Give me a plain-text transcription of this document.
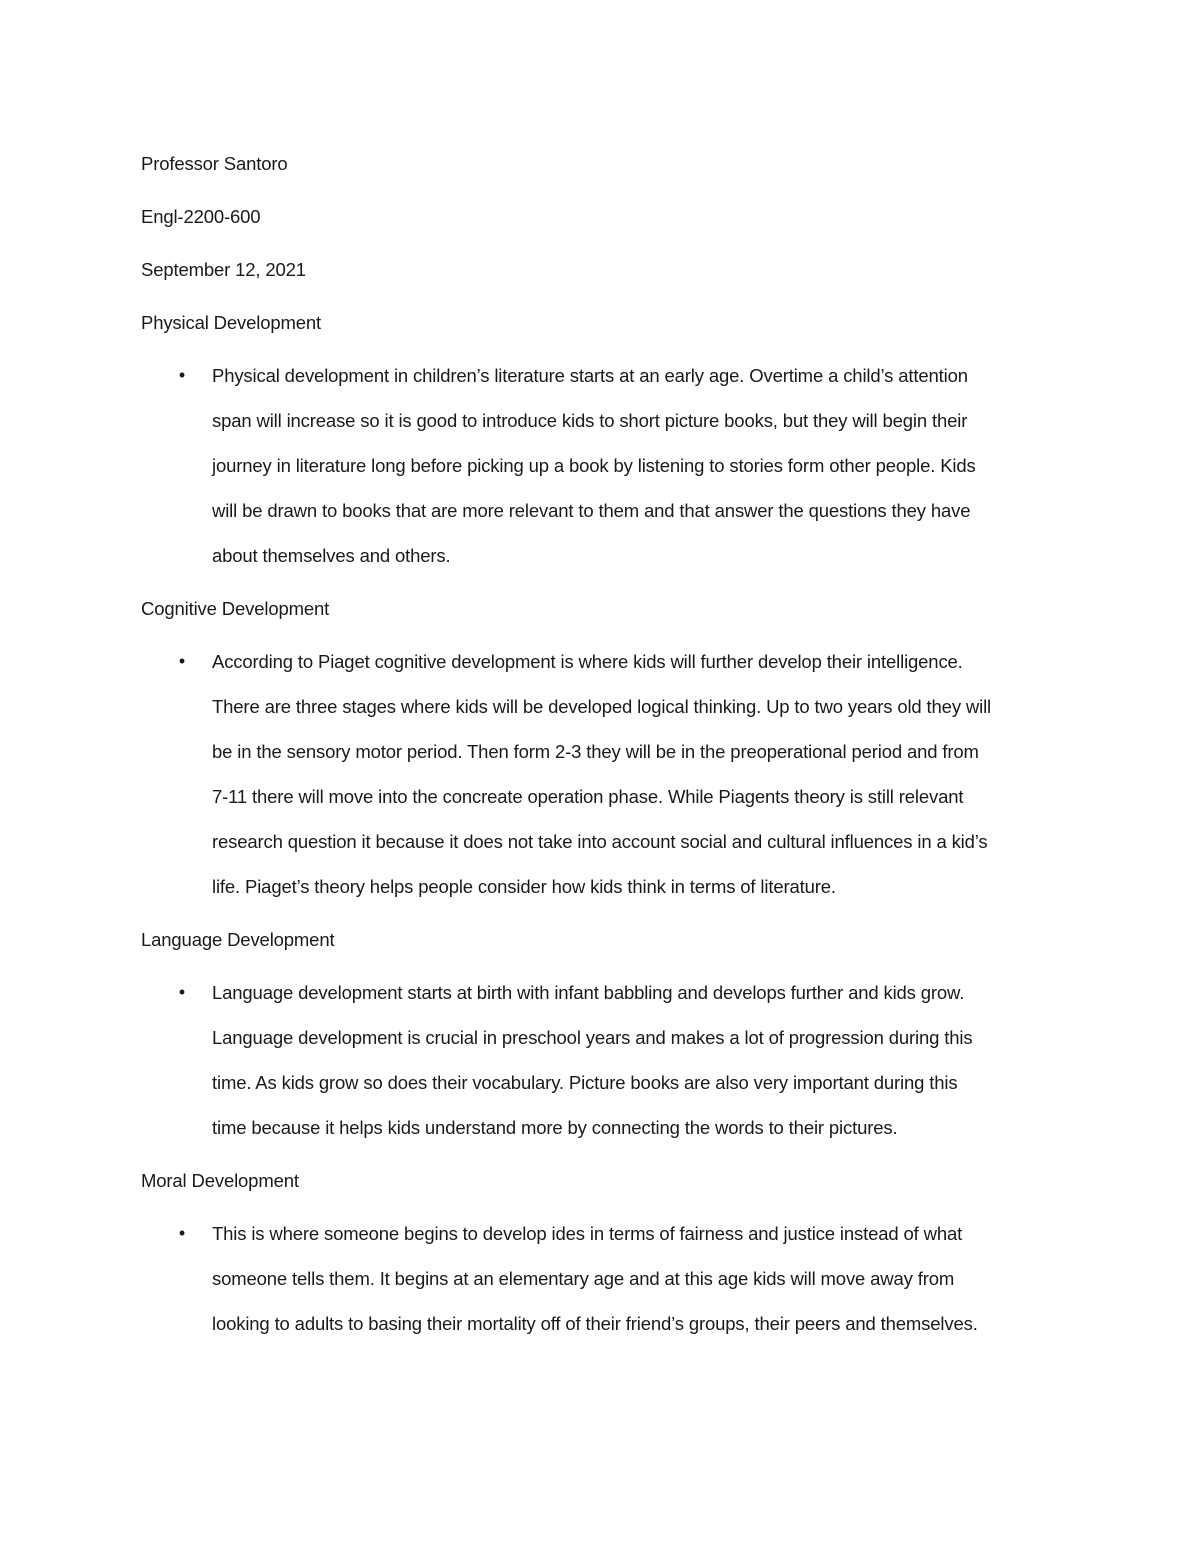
Professor Santoro
Engl-2200-600
September 12, 2021
Physical Development
• Physical development in children’s literature starts at an early age. Overtime a child’s attention
span will increase so it is good to introduce kids to short picture books, but they will begin their
journey in literature long before picking up a book by listening to stories form other people. Kids
will be drawn to books that are more relevant to them and that answer the questions they have
about themselves and others.
Cognitive Development
• According to Piaget cognitive development is where kids will further develop their intelligence.
There are three stages where kids will be developed logical thinking. Up to two years old they will
be in the sensory motor period. Then form 2-3 they will be in the preoperational period and from
7-11 there will move into the concreate operation phase. While Piagents theory is still relevant
research question it because it does not take into account social and cultural influences in a kid’s
life. Piaget’s theory helps people consider how kids think in terms of literature.
Language Development
• Language development starts at birth with infant babbling and develops further and kids grow.
Language development is crucial in preschool years and makes a lot of progression during this
time. As kids grow so does their vocabulary. Picture books are also very important during this
time because it helps kids understand more by connecting the words to their pictures.
Moral Development
• This is where someone begins to develop ides in terms of fairness and justice instead of what
someone tells them. It begins at an elementary age and at this age kids will move away from
looking to adults to basing their mortality off of their friend’s groups, their peers and themselves.
